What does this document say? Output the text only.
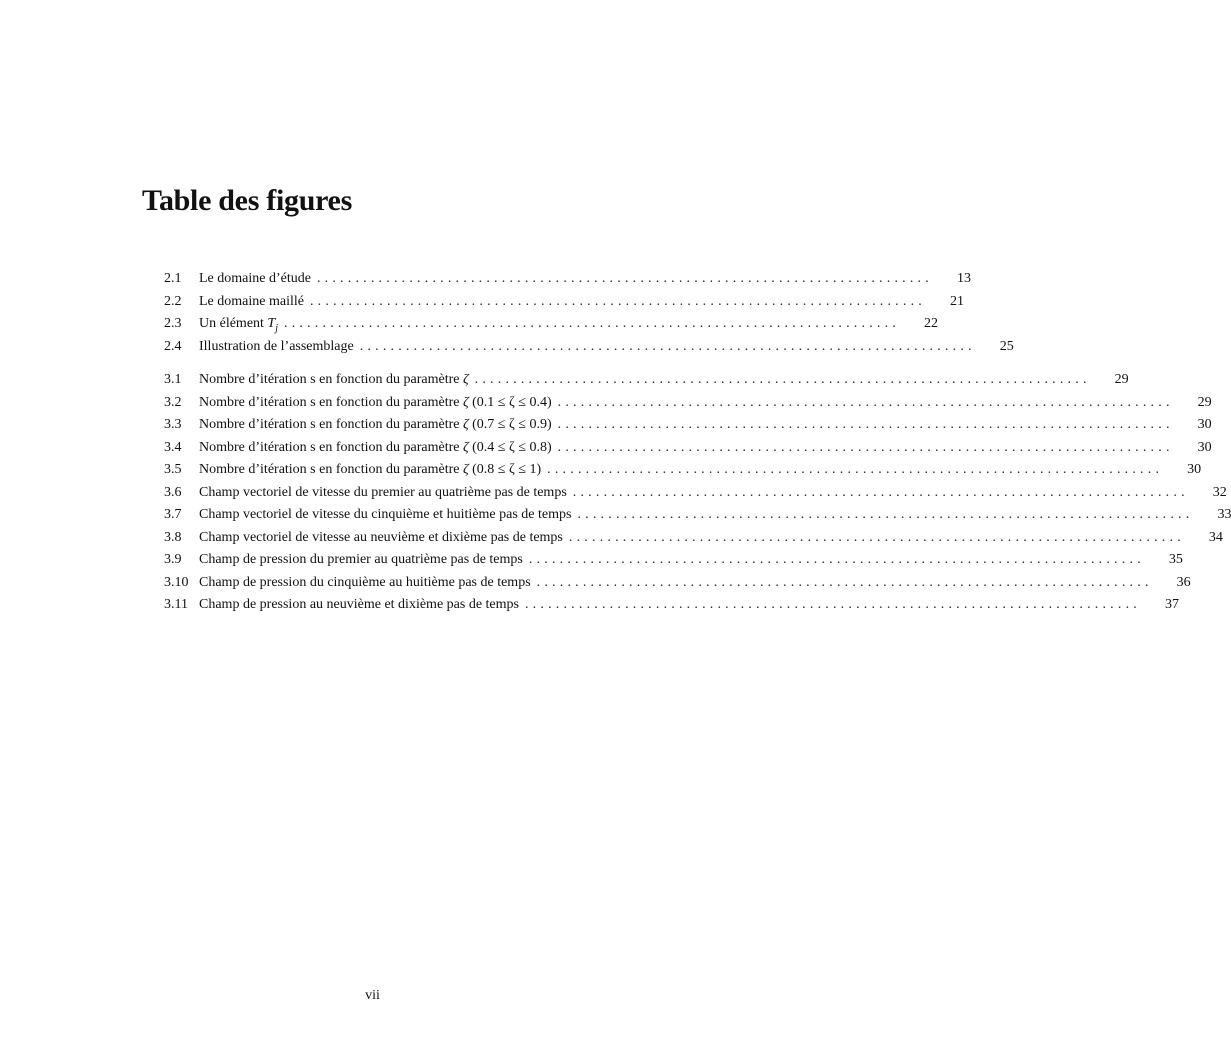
Table des figures
2.1	Le domaine d’étude ................................................................................	13
2.2	Le domaine maillé ................................................................................	21
2.3	Un élément $T_j$ ................................................................................	22
2.4	Illustration de l’assemblage ................................................................................	25
3.1	Nombre d’itération s en fonction du paramètre ζ ................................................................................	29
3.2	Nombre d’itération s en fonction du paramètre ζ (0.1 ≤ ζ ≤ 0.4) ................................................................................	29
3.3	Nombre d’itération s en fonction du paramètre ζ (0.7 ≤ ζ ≤ 0.9) ................................................................................	30
3.4	Nombre d’itération s en fonction du paramètre ζ (0.4 ≤ ζ ≤ 0.8) ................................................................................	30
3.5	Nombre d’itération s en fonction du paramètre ζ (0.8 ≤ ζ ≤ 1) ................................................................................	30
3.6	Champ vectoriel de vitesse du premier au quatrième pas de temps ................................................................................	32
3.7	Champ vectoriel de vitesse du cinquième et huitième pas de temps ................................................................................	33
3.8	Champ vectoriel de vitesse au neuvième et dixième pas de temps ................................................................................	34
3.9	Champ de pression du premier au quatrième pas de temps ................................................................................	35
3.10 Champ de pression du cinquième au huitième pas de temps ................................................................................	36
3.11 Champ de pression au neuvième et dixième pas de temps ................................................................................	37
vii
